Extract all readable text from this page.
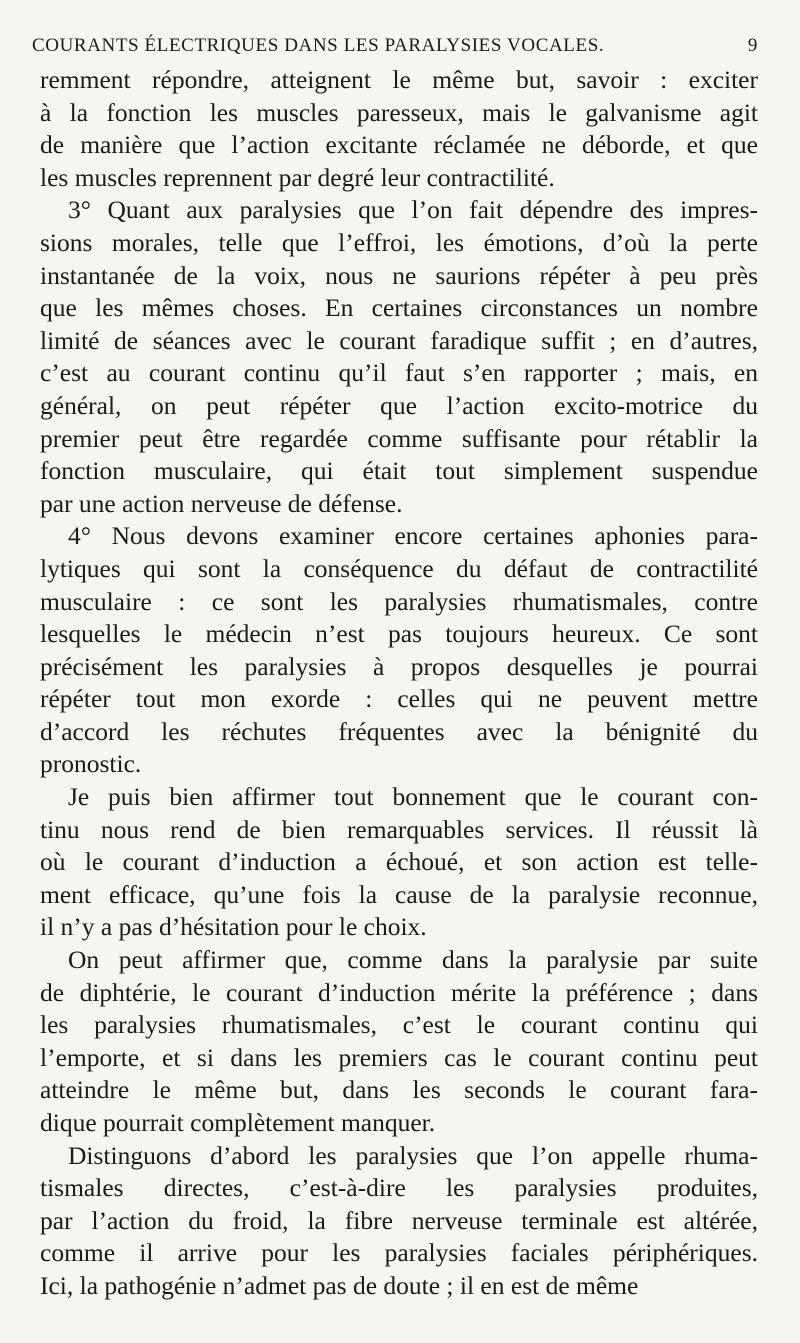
COURANTS ÉLECTRIQUES DANS LES PARALYSIES VOCALES.	9
remment répondre, atteignent le même but, savoir : exciter
à la fonction les muscles paresseux, mais le galvanisme agit
de manière que l’action excitante réclamée ne déborde, et que
les muscles reprennent par degré leur contractilité.
3° Quant aux paralysies que l’on fait dépendre des impres-
sions morales, telle que l’effroi, les émotions, d’où la perte
instantanée de la voix, nous ne saurions répéter à peu près
que les mêmes choses. En certaines circonstances un nombre
limité de séances avec le courant faradique suffit ; en d’autres,
c’est au courant continu qu’il faut s’en rapporter ; mais, en
général, on peut répéter que l’action excito-motrice du
premier peut être regardée comme suffisante pour rétablir la
fonction musculaire, qui était tout simplement suspendue
par une action nerveuse de défense.
4° Nous devons examiner encore certaines aphonies para-
lytiques qui sont la conséquence du défaut de contractilité
musculaire : ce sont les paralysies rhumatismales, contre
lesquelles le médecin n’est pas toujours heureux. Ce sont
précisément les paralysies à propos desquelles je pourrai
répéter tout mon exorde : celles qui ne peuvent mettre
d’accord les réchutes fréquentes avec la bénignité du
pronostic.
Je puis bien affirmer tout bonnement que le courant con-
tinu nous rend de bien remarquables services. Il réussit là
où le courant d’induction a échoué, et son action est telle-
ment efficace, qu’une fois la cause de la paralysie reconnue,
il n’y a pas d’hésitation pour le choix.
On peut affirmer que, comme dans la paralysie par suite
de diphtérie, le courant d’induction mérite la préférence ; dans
les paralysies rhumatismales, c’est le courant continu qui
l’emporte, et si dans les premiers cas le courant continu peut
atteindre le même but, dans les seconds le courant fara-
dique pourrait complètement manquer.
Distinguons d’abord les paralysies que l’on appelle rhuma-
tismales directes, c’est-à-dire les paralysies produites,
par l’action du froid, la fibre nerveuse terminale est altérée,
comme il arrive pour les paralysies faciales périphériques.
Ici, la pathogénie n’admet pas de doute ; il en est de même
